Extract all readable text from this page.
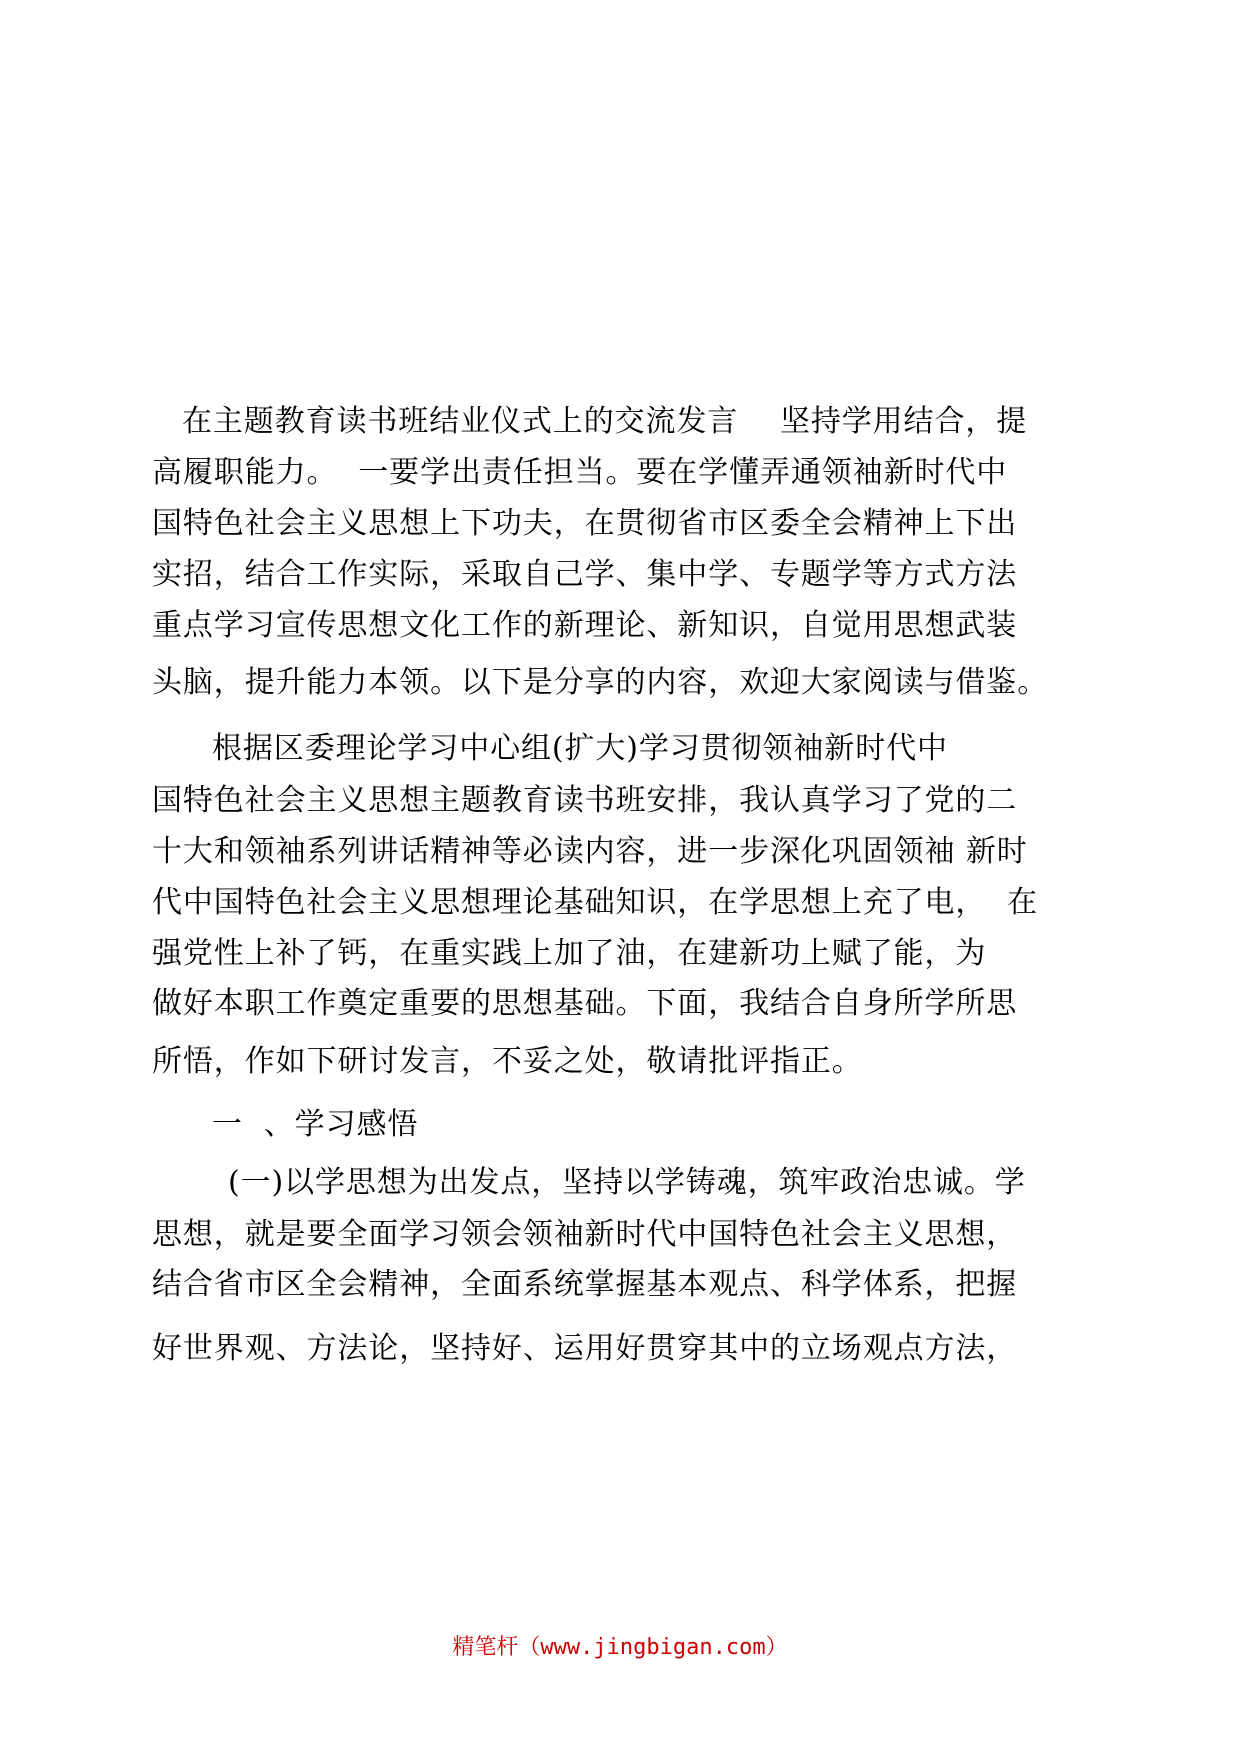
在主题教育读书班结业仪式上的交流发言    坚持学用结合，提
高履职能力。  一要学出责任担当。要在学懂弄通领袖新时代中
国特色社会主义思想上下功夫，在贯彻省市区委全会精神上下出
实招，结合工作实际，采取自己学、集中学、专题学等方式方法
重点学习宣传思想文化工作的新理论、新知识，自觉用思想武装
头脑，提升能力本领。以下是分享的内容，欢迎大家阅读与借鉴。
根据区委理论学习中心组(扩大)学习贯彻领袖新时代中
国特色社会主义思想主题教育读书班安排，我认真学习了党的二
十大和领袖系列讲话精神等必读内容，进一步深化巩固领袖 新时
代中国特色社会主义思想理论基础知识，在学思想上充了电，  在
强党性上补了钙，在重实践上加了油，在建新功上赋了能，为
做好本职工作奠定重要的思想基础。下面，我结合自身所学所思
所悟，作如下研讨发言，不妥之处，敬请批评指正。
一  、学习感悟
(一)以学思想为出发点，坚持以学铸魂，筑牢政治忠诚。学
思想，就是要全面学习领会领袖新时代中国特色社会主义思想，
结合省市区全会精神，全面系统掌握基本观点、科学体系，把握
好世界观、方法论，坚持好、运用好贯穿其中的立场观点方法，
精笔杆（www.jingbigan.com）
